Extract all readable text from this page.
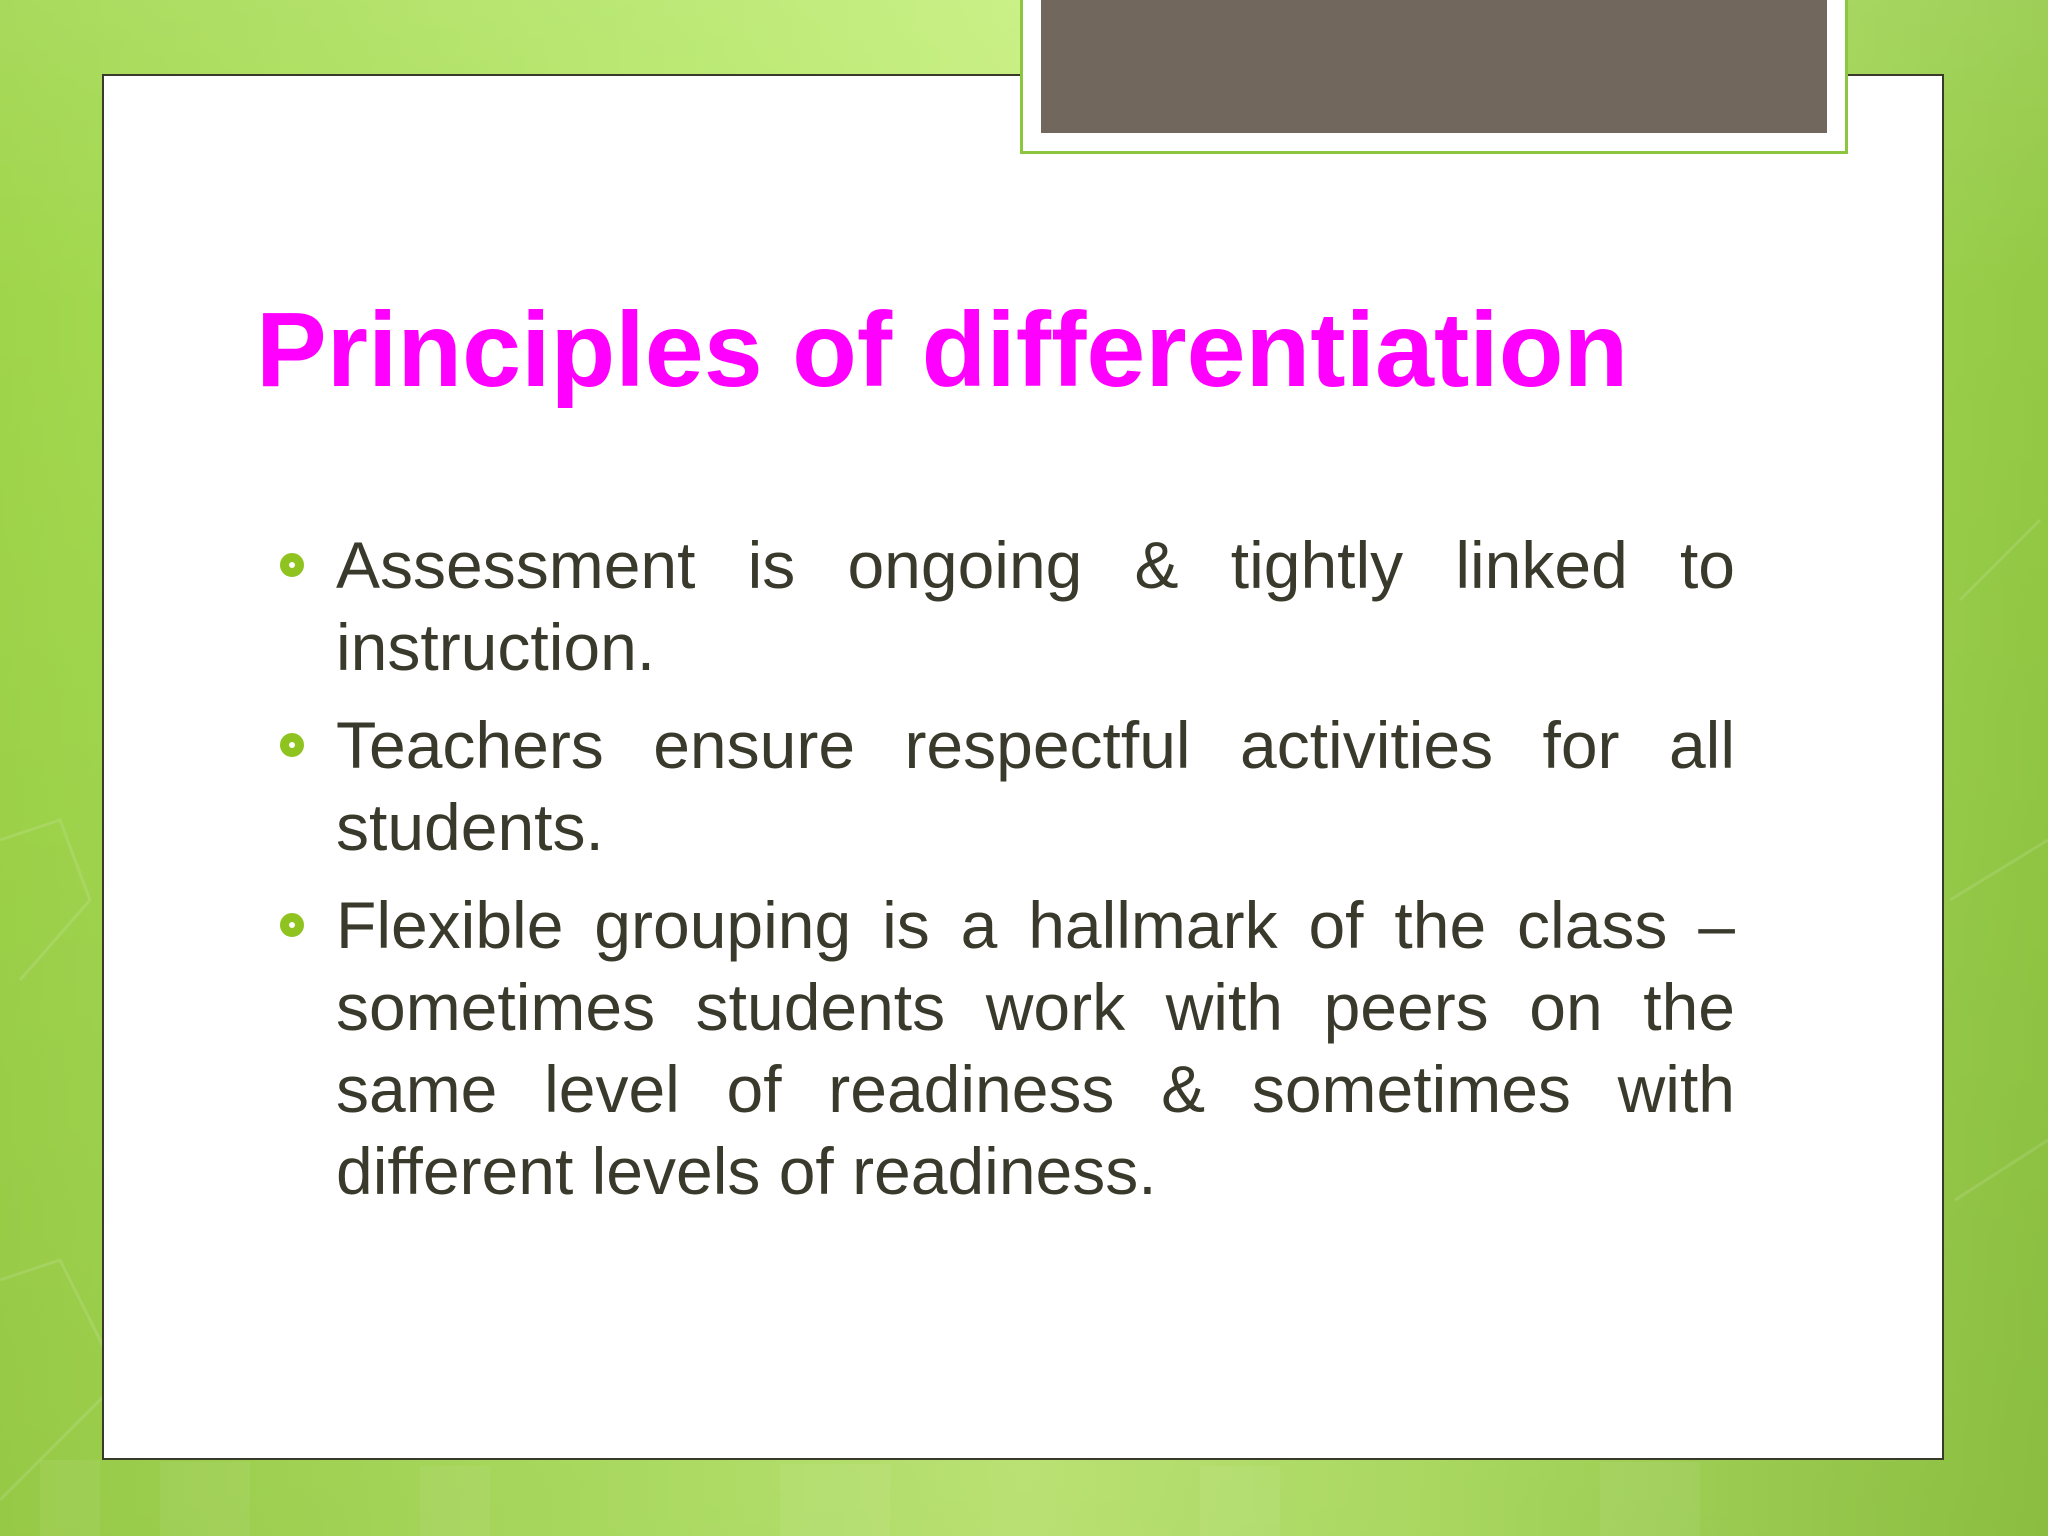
Principles of differentiation
Assessment is ongoing & tightly linked to instruction.
Teachers ensure respectful activities for all students.
Flexible grouping is a hallmark of the class – sometimes students work with peers on the same level of readiness & sometimes with different levels of readiness.
